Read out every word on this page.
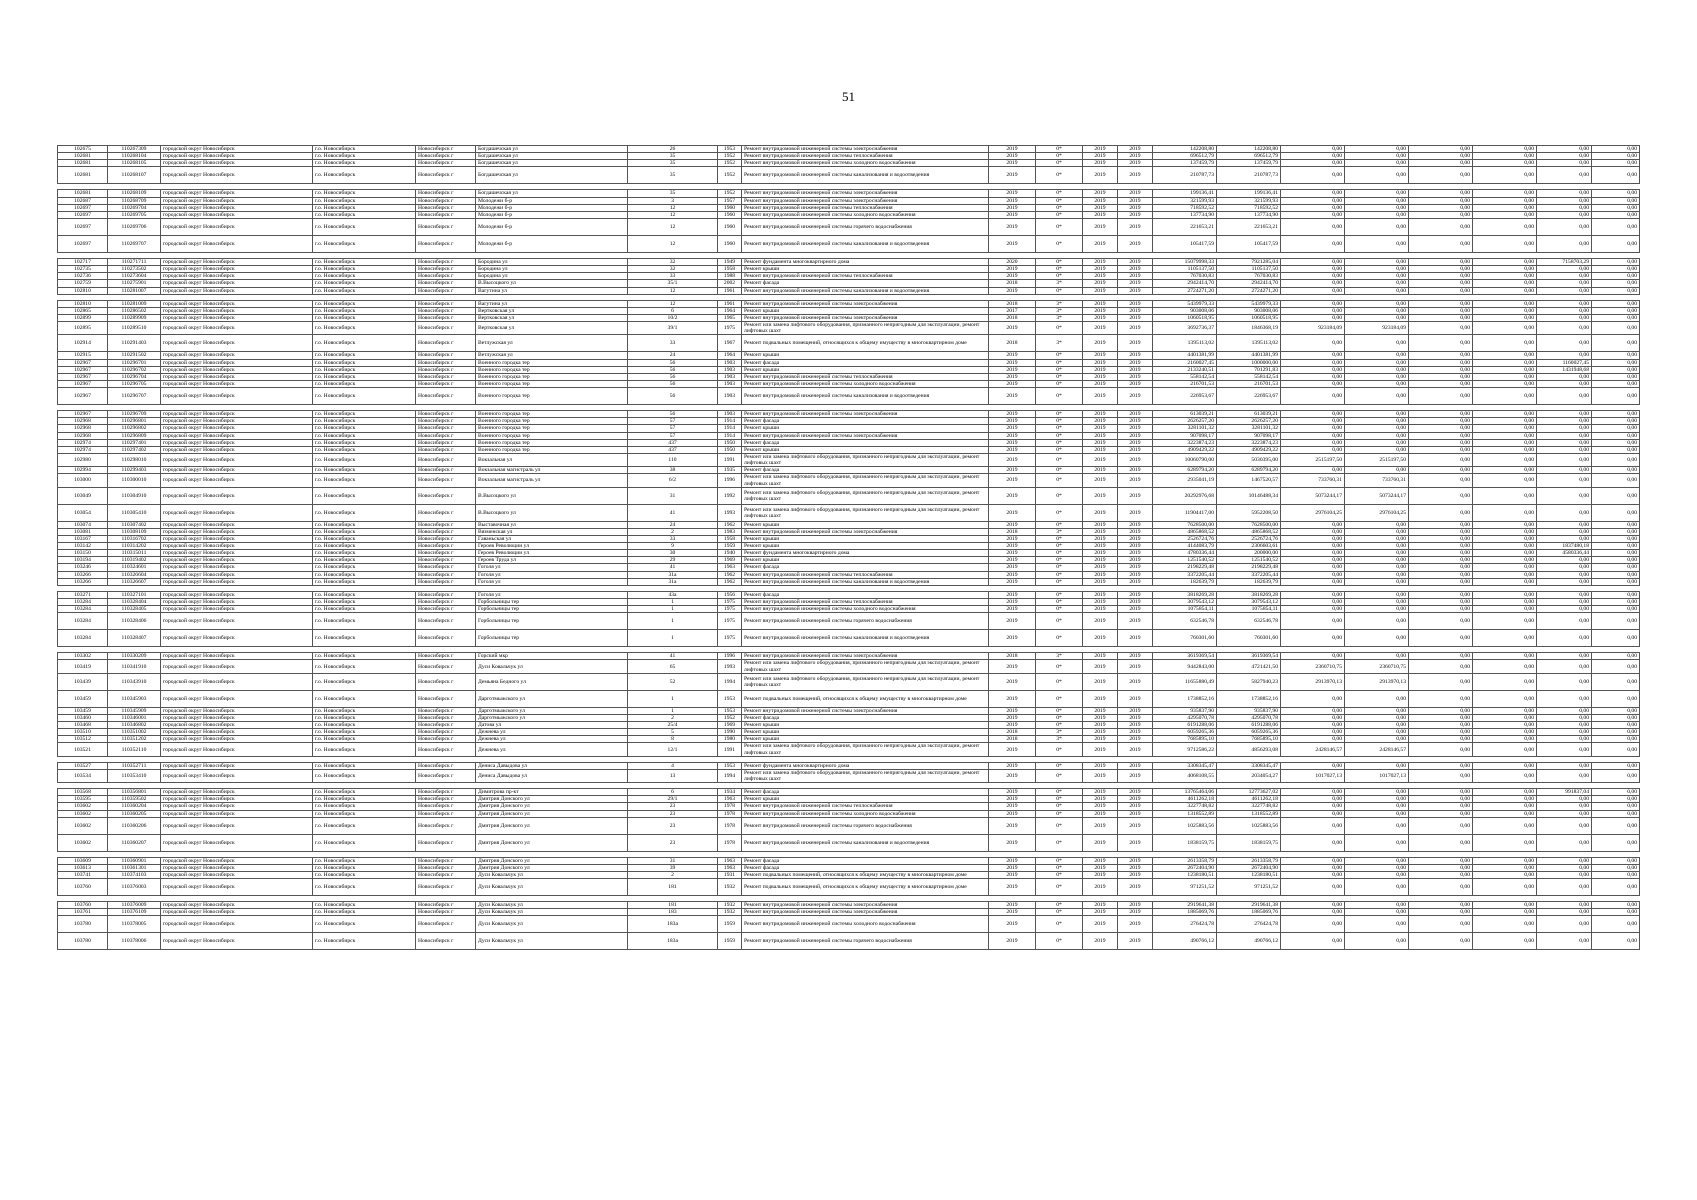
51
102675	110267309	городской округ Новосибирск	г.о. Новосибирск	Новосибирск г	Богдашечская ул	26	1953	Ремонт внутридомовой инженерной системы электроснабжения	2019	0*	2019	2019	142208,80	142208,80	0,00	0,00	0,00	0,00	0,00	0,00
102681	110268104	городской округ Новосибирск	г.о. Новосибирск	Новосибирск г	Богдашечская ул	35	1952	Ремонт внутридомовой инженерной системы теплоснабжения	2019	0*	2019	2019	696512,79	696512,79	0,00	0,00	0,00	0,00	0,00	0,00
102681	110268105	городской округ Новосибирск	г.о. Новосибирск	Новосибирск г	Богдашечская ул	35	1952	Ремонт внутридомовой инженерной системы холодного водоснабжения	2019	0*	2019	2019	137459,79	137459,79	0,00	0,00	0,00	0,00	0,00	0,00
102681	110268107	городской округ Новосибирск	г.о. Новосибирск	Новосибирск г	Богдашечская ул	35	1952	Ремонт внутридомовой инженерной системы канализования и водоотведения	2019	0*	2019	2019	210787,73	210787,73	0,00	0,00	0,00	0,00	0,00	0,00

102681	110268109	городской округ Новосибирск	г.о. Новосибирск	Новосибирск г	Богдашечская ул	35	1952	Ремонт внутридомовой инженерной системы электроснабжения	2019	0*	2019	2019	199136,41	199136,41	0,00	0,00	0,00	0,00	0,00	0,00
102687	110268709	городской округ Новосибирск	г.о. Новосибирск	Новосибирск г	Молодежи б-р	3	1957	Ремонт внутридомовой инженерной системы электроснабжения	2019	0*	2019	2019	321599,93	321599,93	0,00	0,00	0,00	0,00	0,00	0,00
102697	110269704	городской округ Новосибирск	г.о. Новосибирск	Новосибирск г	Молодежи б-р	12	1960	Ремонт внутридомовой инженерной системы теплоснабжения	2019	0*	2019	2019	718592,52	718592,52	0,00	0,00	0,00	0,00	0,00	0,00
102697	110269705	городской округ Новосибирск	г.о. Новосибирск	Новосибирск г	Молодежи б-р	12	1960	Ремонт внутридомовой инженерной системы холодного водоснабжения	2019	0*	2019	2019	137734,90	137734,90	0,00	0,00	0,00	0,00	0,00	0,00
102697	110269706	городской округ Новосибирск	г.о. Новосибирск	Новосибирск г	Молодежи б-р	12	1960	Ремонт внутридомовой инженерной системы горячего водоснабжения	2019	0*	2019	2019	221653,21	221653,21	0,00	0,00	0,00	0,00	0,00	0,00
102697	110269707	городской округ Новосибирск	г.о. Новосибирск	Новосибирск г	Молодежи б-р	12	1960	Ремонт внутридомовой инженерной системы канализования и водоотведения	2019	0*	2019	2019	105417,59	105417,59	0,00	0,00	0,00	0,00	0,00	0,00

102717	110271711	городской округ Новосибирск	г.о. Новосибирск	Новосибирск г	Бородина ул	32	1949	Ремонт фундамента многоквартирного дома	2020	0*	2019	2019	15079998,33	7921285,04	0,00	0,00	0,00	0,00	7158703,29	0,00
102735	110273502	городской округ Новосибирск	г.о. Новосибирск	Новосибирск г	Бородина ул	32	1958	Ремонт крыши	2019	0*	2019	2019	1105137,50	1105137,50	0,00	0,00	0,00	0,00	0,00	0,00
102736	110273604	городской округ Новосибирск	г.о. Новосибирск	Новосибирск г	Бородина ул	33	1988	Ремонт внутридомовой инженерной системы теплоснабжения	2019	0*	2019	2019	767030,83	767030,83	0,00	0,00	0,00	0,00	0,00	0,00
102759	110275901	городской округ Новосибирск	г.о. Новосибирск	Новосибирск г	В.Высоцкого ул	35/1	2002	Ремонт фасада	2018	3*	2019	2019	2942414,70	2942414,70	0,00	0,00	0,00	0,00	0,00	0,00
102810	110281007	городской округ Новосибирск	г.о. Новосибирск	Новосибирск г	Вагутина ул	12	1961	Ремонт внутридомовой инженерной системы канализования и водоотведения	2019	0*	2019	2019	2724271,20	2724271,20	0,00	0,00	0,00	0,00	0,00	0,00

102810	110281009	городской округ Новосибирск	г.о. Новосибирск	Новосибирск г	Вагутина ул	12	1961	Ремонт внутридомовой инженерной системы электроснабжения	2018	3*	2019	2019	5439979,33	5439979,33	0,00	0,00	0,00	0,00	0,00	0,00
102865	110286502	городской округ Новосибирск	г.о. Новосибирск	Новосибирск г	Вертковская ул	6	1964	Ремонт крыши	2017	3*	2019	2019	903008,06	903008,06	0,00	0,00	0,00	0,00	0,00	0,00
102899	110289909	городской округ Новосибирск	г.о. Новосибирск	Новосибирск г	Вертковская ул	10/2	1965	Ремонт внутридомовой инженерной системы электроснабжения	2018	3*	2019	2019	1060518,95	1060518,95	0,00	0,00	0,00	0,00	0,00	0,00
102895	110289510	городской округ Новосибирск	г.о. Новосибирск	Новосибирск г	Вертковская ул	39/1	1975	Ремонт или замена лифтового оборудования, признанного непригодным для эксплуатации, ремонт лифтовых шахт	2019	0*	2019	2019	3692736,37	1846368,19	923184,09	923184,09	0,00	0,00	0,00	0,00
102914	110291403	городской округ Новосибирск	г.о. Новосибирск	Новосибирск г	Ветлужская ул	33	1967	Ремонт подвальных помещений, относящихся к общему имуществу в многоквартирном доме	2018	3*	2019	2019	1395113,02	1395113,02	0,00	0,00	0,00	0,00	0,00	0,00
102915	110291502	городской округ Новосибирск	г.о. Новосибирск	Новосибирск г	Ветлужская ул	24	1964	Ремонт крыши	2019	0*	2019	2019	4401381,99	4401381,99	0,00	0,00	0,00	0,00	0,00	0,00
102967	110296701	городской округ Новосибирск	г.о. Новосибирск	Новосибирск г	Военного городка тер	56	1903	Ремонт фасада	2019	0*	2019	2019	2160027,45	1000000,00	0,00	0,00	0,00	0,00	1160027,45	0,00
102967	110296702	городской округ Новосибирск	г.о. Новосибирск	Новосибирск г	Военного городка тер	56	1903	Ремонт крыши	2019	0*	2019	2019	2133240,51	701291,83	0,00	0,00	0,00	0,00	1431948,68	0,00
102967	110296704	городской округ Новосибирск	г.о. Новосибирск	Новосибирск г	Военного городка тер	56	1903	Ремонт внутридомовой инженерной системы теплоснабжения	2019	0*	2019	2019	558142,54	558142,54	0,00	0,00	0,00	0,00	0,00	0,00
102967	110296705	городской округ Новосибирск	г.о. Новосибирск	Новосибирск г	Военного городка тер	56	1903	Ремонт внутридомовой инженерной системы холодного водоснабжения	2019	0*	2019	2019	216701,53	216701,53	0,00	0,00	0,00	0,00	0,00	0,00
102967	110296707	городской округ Новосибирск	г.о. Новосибирск	Новосибирск г	Военного городка тер	56	1903	Ремонт внутридомовой инженерной системы канализования и водоотведения	2019	0*	2019	2019	226953,67	226953,67	0,00	0,00	0,00	0,00	0,00	0,00

102967	110296709	городской округ Новосибирск	г.о. Новосибирск	Новосибирск г	Военного городка тер	56	1903	Ремонт внутридомовой инженерной системы электроснабжения	2019	0*	2019	2019	613039,21	613039,21	0,00	0,00	0,00	0,00	0,00	0,00
102968	110296801	городской округ Новосибирск	г.о. Новосибирск	Новосибирск г	Военного городка тер	57	1914	Ремонт фасада	2019	0*	2019	2019	2626257,20	2626257,20	0,00	0,00	0,00	0,00	0,00	0,00
102968	110296802	городской округ Новосибирск	г.о. Новосибирск	Новосибирск г	Военного городка тер	57	1914	Ремонт крыши	2019	0*	2019	2019	3281101,32	3281101,32	0,00	0,00	0,00	0,00	0,00	0,00
102968	110296809	городской округ Новосибирск	г.о. Новосибирск	Новосибирск г	Военного городка тер	57	1914	Ремонт внутридомовой инженерной системы электроснабжения	2019	0*	2019	2019	907098,17	907098,17	0,00	0,00	0,00	0,00	0,00	0,00
102974	110297401	городской округ Новосибирск	г.о. Новосибирск	Новосибирск г	Военного городка тер	437	1950	Ремонт фасада	2019	0*	2019	2019	3223874,23	3223874,23	0,00	0,00	0,00	0,00	0,00	0,00
102974	110297402	городской округ Новосибирск	г.о. Новосибирск	Новосибирск г	Военного городка тер	437	1950	Ремонт крыши	2019	0*	2019	2019	4909429,22	4909429,22	0,00	0,00	0,00	0,00	0,00	0,00
102980	110298010	городской округ Новосибирск	г.о. Новосибирск	Новосибирск г	Вокзальная ул	110	1991	Ремонт или замена лифтового оборудования, признанного непригодным для эксплуатации, ремонт лифтовых шахт	2019	0*	2019	2019	10060790,00	5030395,00	2515197,50	2515197,50	0,00	0,00	0,00	0,00
102994	110299403	городской округ Новосибирск	г.о. Новосибирск	Новосибирск г	Вокзальная магистраль ул	38	1935	Ремонт фасада	2019	0*	2019	2019	6289794,20	6289794,20	0,00	0,00	0,00	0,00	0,00	0,00
103000	110300010	городской округ Новосибирск	г.о. Новосибирск	Новосибирск г	Вокзальная магистраль ул	6/2	1996	Ремонт или замена лифтового оборудования, признанного непригодным для эксплуатации, ремонт лифтовых шахт	2019	0*	2019	2019	2935041,19	1467520,57	733760,31	733760,31	0,00	0,00	0,00	0,00
103049	110304910	городской округ Новосибирск	г.о. Новосибирск	Новосибирск г	В.Высоцкого ул	31	1992	Ремонт или замена лифтового оборудования, признанного непригодным для эксплуатации, ремонт лифтовых шахт	2019	0*	2019	2019	20292976,68	10146488,34	5073244,17	5073244,17	0,00	0,00	0,00	0,00
103054	110305410	городской округ Новосибирск	г.о. Новосибирск	Новосибирск г	В.Высоцкого ул	41	1993	Ремонт или замена лифтового оборудования, признанного непригодным для эксплуатации, ремонт лифтовых шахт	2019	0*	2019	2019	11904417,00	5952208,50	2976104,25	2976104,25	0,00	0,00	0,00	0,00
103074	110307402	городской округ Новосибирск	г.о. Новосибирск	Новосибирск г	Выставочная ул	24	1962	Ремонт крыши	2019	0*	2019	2019	7628500,00	7628500,00	0,00	0,00	0,00	0,00	0,00	0,00
103081	110308109	городской округ Новосибирск	г.о. Новосибирск	Новосибирск г	Вязменская ул	2	1983	Ремонт внутридомовой инженерной системы электроснабжения	2018	3*	2019	2019	4865868,52	4865868,52	0,00	0,00	0,00	0,00	0,00	0,00
103167	110316702	городской округ Новосибирск	г.о. Новосибирск	Новосибирск г	Гаваньская ул	33	1958	Ремонт крыши	2019	0*	2019	2019	2526724,76	2526724,76	0,00	0,00	0,00	0,00	0,00	0,00
103142	110314202	городской округ Новосибирск	г.о. Новосибирск	Новосибирск г	Героев Революции ул	9	1959	Ремонт крыши	2019	0*	2019	2019	4144083,79	2306603,61	0,00	0,00	0,00	0,00	1837480,18	0,00
103150	110315011	городской округ Новосибирск	г.о. Новосибирск	Новосибирск г	Героев Революции ул	30	1940	Ремонт фундамента многоквартирного дома	2019	0*	2019	2019	4780336,44	200000,00	0,00	0,00	0,00	0,00	4580336,44	0,00
103194	110319402	городской округ Новосибирск	г.о. Новосибирск	Новосибирск г	Героев Труда ул	29	1969	Ремонт крыши	2019	0*	2019	2019	1251540,52	1251540,52	0,00	0,00	0,00	0,00	0,00	0,00
103246	110324601	городской округ Новосибирск	г.о. Новосибирск	Новосибирск г	Гоголя ул	41	1963	Ремонт фасада	2019	0*	2019	2019	2198229,48	2198229,48	0,00	0,00	0,00	0,00	0,00	0,00
103266	110326604	городской округ Новосибирск	г.о. Новосибирск	Новосибирск г	Гоголя ул	31а	1962	Ремонт внутридомовой инженерной системы теплоснабжения	2019	0*	2019	2019	3372205,44	3372205,44	0,00	0,00	0,00	0,00	0,00	0,00
103266	110326607	городской округ Новосибирск	г.о. Новосибирск	Новосибирск г	Гоголя ул	31а	1962	Ремонт внутридомовой инженерной системы канализования и водоотведения	2019	0*	2019	2019	182639,79	182639,79	0,00	0,00	0,00	0,00	0,00	0,00

103271	110327101	городской округ Новосибирск	г.о. Новосибирск	Новосибирск г	Гоголя ул	43а	1956	Ремонт фасада	2019	0*	2019	2019	3818269,28	3818269,28	0,00	0,00	0,00	0,00	0,00	0,00
103284	110328404	городской округ Новосибирск	г.о. Новосибирск	Новосибирск г	Горбольницы тер	1	1975	Ремонт внутридомовой инженерной системы теплоснабжения	2019	0*	2019	2019	3079543,12	3079543,12	0,00	0,00	0,00	0,00	0,00	0,00
103284	110328405	городской округ Новосибирск	г.о. Новосибирск	Новосибирск г	Горбольницы тер	1	1975	Ремонт внутридомовой инженерной системы холодного водоснабжения	2019	0*	2019	2019	1075854,11	1075854,11	0,00	0,00	0,00	0,00	0,00	0,00
103284	110328406	городской округ Новосибирск	г.о. Новосибирск	Новосибирск г	Горбольницы тер	1	1975	Ремонт внутридомовой инженерной системы горячего водоснабжения	2019	0*	2019	2019	632546,78	632546,78	0,00	0,00	0,00	0,00	0,00	0,00
103284	110328407	городской округ Новосибирск	г.о. Новосибирск	Новосибирск г	Горбольницы тер	1	1975	Ремонт внутридомовой инженерной системы канализования и водоотведения	2019	0*	2019	2019	760301,60	760301,60	0,00	0,00	0,00	0,00	0,00	0,00

103302	110330209	городской округ Новосибирск	г.о. Новосибирск	Новосибирск г	Горский мкр	41	1996	Ремонт внутридомовой инженерной системы электроснабжения	2018	3*	2019	2019	3619369,54	3619369,54	0,00	0,00	0,00	0,00	0,00	0,00
103419	110341910	городской округ Новосибирск	г.о. Новосибирск	Новосибирск г	Дуси Ковальчук ул	65	1993	Ремонт или замена лифтового оборудования, признанного непригодным для эксплуатации, ремонт лифтовых шахт	2019	0*	2019	2019	9442843,00	4721421,50	2360710,75	2360710,75	0,00	0,00	0,00	0,00
103439	110343910	городской округ Новосибирск	г.о. Новосибирск	Новосибирск г	Демьяна Бедного ул	52	1994	Ремонт или замена лифтового оборудования, признанного непригодным для эксплуатации, ремонт лифтовых шахт	2019	0*	2019	2019	11655880,49	5827940,23	2913970,13	2913970,13	0,00	0,00	0,00	0,00
103459	110345903	городской округ Новосибирск	г.о. Новосибирск	Новосибирск г	Дарготмыжского ул	1	1953	Ремонт подвальных помещений, относящихся к общему имуществу в многоквартирном доме	2019	0*	2019	2019	1738852,16	1738852,16	0,00	0,00	0,00	0,00	0,00	0,00
103459	110345909	городской округ Новосибирск	г.о. Новосибирск	Новосибирск г	Дарготмыжского ул	1	1953	Ремонт внутридомовой инженерной системы электроснабжения	2019	0*	2019	2019	935837,90	935837,90	0,00	0,00	0,00	0,00	0,00	0,00
103460	110346001	городской округ Новосибирск	г.о. Новосибирск	Новосибирск г	Дарготмыжского ул	2	1952	Ремонт фасада	2019	0*	2019	2019	4295070,78	4295070,78	0,00	0,00	0,00	0,00	0,00	0,00
103468	110346802	городской округ Новосибирск	г.о. Новосибирск	Новосибирск г	Датова ул	25/4	1969	Ремонт крыши	2019	0*	2019	2019	6191288,06	6191288,06	0,00	0,00	0,00	0,00	0,00	0,00
103510	110351002	городской округ Новосибирск	г.о. Новосибирск	Новосибирск г	Дежнева ул	5	1990	Ремонт крыши	2018	3*	2019	2019	6059265,36	6059265,36	0,00	0,00	0,00	0,00	0,00	0,00
103512	110351202	городской округ Новосибирск	г.о. Новосибирск	Новосибирск г	Дежнева ул	8	1980	Ремонт крыши	2018	3*	2019	2019	7685895,10	7685895,10	0,00	0,00	0,00	0,00	0,00	0,00
103521	110352110	городской округ Новосибирск	г.о. Новосибирск	Новосибирск г	Дежнева ул	12/1	1991	Ремонт или замена лифтового оборудования, признанного непригодным для эксплуатации, ремонт лифтовых шахт	2019	0*	2019	2019	9712586,22	4856293,08	2428146,57	2428146,57	0,00	0,00	0,00	0,00

103527	110352711	городской округ Новосибирск	г.о. Новосибирск	Новосибирск г	Дениса Давыдова ул	4	1953	Ремонт фундамента многоквартирного дома	2019	0*	2019	2019	3308345,47	3308345,47	0,00	0,00	0,00	0,00	0,00	0,00
103534	110353410	городской округ Новосибирск	г.о. Новосибирск	Новосибирск г	Дениса Давыдова ул	13	1994	Ремонт или замена лифтового оборудования, признанного непригодным для эксплуатации, ремонт лифтовых шахт	2019	0*	2019	2019	4068108,55	2034054,27	1017027,13	1017027,13	0,00	0,00	0,00	0,00

103568	110356801	городской округ Новосибирск	г.о. Новосибирск	Новосибирск г	Димитрова пр-кт	6	1934	Ремонт фасада	2019	0*	2019	2019	13765464,06	12773627,02	0,00	0,00	0,00	0,00	991837,04	0,00
103595	110359502	городской округ Новосибирск	г.о. Новосибирск	Новосибирск г	Дмитрия Донского ул	29/1	1963	Ремонт крыши	2019	0*	2019	2019	4611262,18	4611262,18	0,00	0,00	0,00	0,00	0,00	0,00
103602	110360204	городской округ Новосибирск	г.о. Новосибирск	Новосибирск г	Дмитрия Донского ул	23	1978	Ремонт внутридомовой инженерной системы теплоснабжения	2019	0*	2019	2019	3227748,82	3227748,82	0,00	0,00	0,00	0,00	0,00	0,00
103602	110360205	городской округ Новосибирск	г.о. Новосибирск	Новосибирск г	Дмитрия Донского ул	23	1978	Ремонт внутридомовой инженерной системы холодного водоснабжения	2019	0*	2019	2019	1318552,89	1318552,89	0,00	0,00	0,00	0,00	0,00	0,00
103602	110360206	городской округ Новосибирск	г.о. Новосибирск	Новосибирск г	Дмитрия Донского ул	23	1978	Ремонт внутридомовой инженерной системы горячего водоснабжения	2019	0*	2019	2019	1025883,56	1025883,56	0,00	0,00	0,00	0,00	0,00	0,00
103602	110360207	городской округ Новосибирск	г.о. Новосибирск	Новосибирск г	Дмитрия Донского ул	23	1978	Ремонт внутридомовой инженерной системы канализования и водоотведения	2019	0*	2019	2019	1838159,75	1838159,75	0,00	0,00	0,00	0,00	0,00	0,00

103609	110360901	городской округ Новосибирск	г.о. Новосибирск	Новосибирск г	Дмитрия Донского ул	31	1963	Ремонт фасада	2019	0*	2019	2019	2613358,79	2613358,79	0,00	0,00	0,00	0,00	0,00	0,00
103613	110361301	городской округ Новосибирск	г.о. Новосибирск	Новосибирск г	Дмитрия Донского ул	39	1963	Ремонт фасада	2019	0*	2019	2019	2672404,90	2672404,90	0,00	0,00	0,00	0,00	0,00	0,00
103741	110374103	городской округ Новосибирск	г.о. Новосибирск	Новосибирск г	Дуси Ковальчук ул	2	1931	Ремонт подвальных помещений, относящихся к общему имуществу в многоквартирном доме	2019	0*	2019	2019	1238180,51	1238180,51	0,00	0,00	0,00	0,00	0,00	0,00
103760	110376003	городской округ Новосибирск	г.о. Новосибирск	Новосибирск г	Дуси Ковальчук ул	181	1932	Ремонт подвальных помещений, относящихся к общему имуществу в многоквартирном доме	2019	0*	2019	2019	971251,52	971251,52	0,00	0,00	0,00	0,00	0,00	0,00

103760	110376009	городской округ Новосибирск	г.о. Новосибирск	Новосибирск г	Дуси Ковальчук ул	181	1932	Ремонт внутридомовой инженерной системы электроснабжения	2019	0*	2019	2019	2919641,38	2919641,38	0,00	0,00	0,00	0,00	0,00	0,00
103761	110376109	городской округ Новосибирск	г.о. Новосибирск	Новосибирск г	Дуси Ковальчук ул	183	1932	Ремонт внутридомовой инженерной системы электроснабжения	2019	0*	2019	2019	1885069,76	1885069,76	0,00	0,00	0,00	0,00	0,00	0,00
103780	110378005	городской округ Новосибирск	г.о. Новосибирск	Новосибирск г	Дуси Ковальчук ул	183а	1959	Ремонт внутридомовой инженерной системы холодного водоснабжения	2019	0*	2019	2019	276424,78	276424,78	0,00	0,00	0,00	0,00	0,00	0,00
103780	110378006	городской округ Новосибирск	г.о. Новосибирск	Новосибирск г	Дуси Ковальчук ул	183а	1959	Ремонт внутридомовой инженерной системы горячего водоснабжения	2019	0*	2019	2019	490766,12	490766,12	0,00	0,00	0,00	0,00	0,00	0,00
